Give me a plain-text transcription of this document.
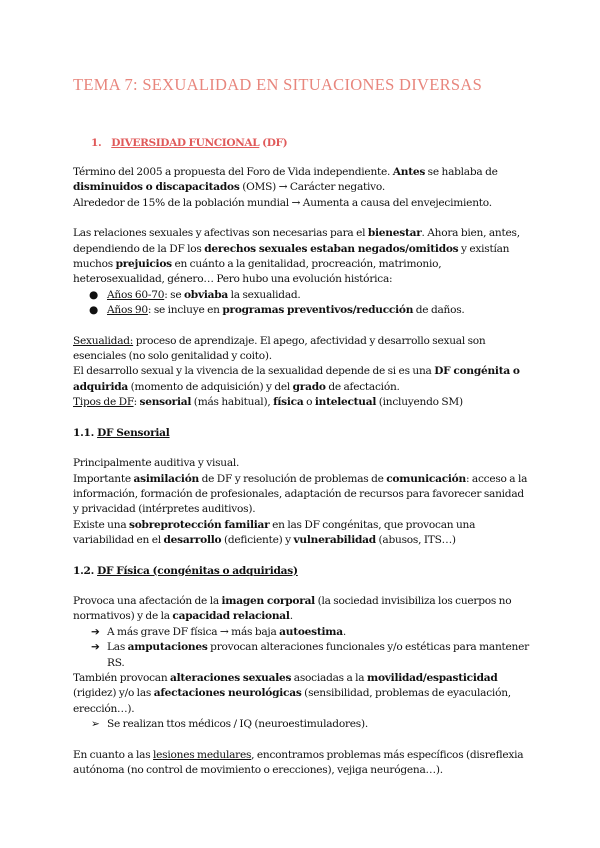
TEMA 7: SEXUALIDAD EN SITUACIONES DIVERSAS
1. DIVERSIDAD FUNCIONAL (DF)

Término del 2005 a propuesta del Foro de Vida independiente. Antes se hablaba de disminuidos o discapacitados (OMS) → Carácter negativo.

Alrededor de 15% de la población mundial → Aumenta a causa del envejecimiento.

Las relaciones sexuales y afectivas son necesarias para el bienestar. Ahora bien, antes, dependiendo de la DF los derechos sexuales estaban negados/omitidos y existían muchos prejuicios en cuánto a la genitalidad, procreación, matrimonio, heterosexualidad, género… Pero hubo una evolución histórica:

● Años 60-70: se obviaba la sexualidad.
● Años 90: se incluye en programas preventivos/reducción de daños.

Sexualidad: proceso de aprendizaje. El apego, afectividad y desarrollo sexual son esenciales (no solo genitalidad y coito).

El desarrollo sexual y la vivencia de la sexualidad depende de si es una DF congénita o adquirida (momento de adquisición) y del grado de afectación.

Tipos de DF: sensorial (más habitual), física o intelectual (incluyendo SM)

1.1. DF Sensorial

Principalmente auditiva y visual.

Importante asimilación de DF y resolución de problemas de comunicación: acceso a la información, formación de profesionales, adaptación de recursos para favorecer sanidad y privacidad (intérpretes auditivos).

Existe una sobreprotección familiar en las DF congénitas, que provocan una variabilidad en el desarrollo (deficiente) y vulnerabilidad (abusos, ITS…)

1.2. DF Física (congénitas o adquiridas)

Provoca una afectación de la imagen corporal (la sociedad invisibiliza los cuerpos no normativos) y de la capacidad relacional.

➔ A más grave DF física → más baja autoestima.
➔ Las amputaciones provocan alteraciones funcionales y/o estéticas para mantener RS.

También provocan alteraciones sexuales asociadas a la movilidad/espasticidad (rigidez) y/o las afectaciones neurológicas (sensibilidad, problemas de eyaculación, erección…).

➢ Se realizan ttos médicos / IQ (neuroestimuladores).

En cuanto a las lesiones medulares, encontramos problemas más específicos (disreflexia autónoma (no control de movimiento o erecciones), vejiga neurógena…).
